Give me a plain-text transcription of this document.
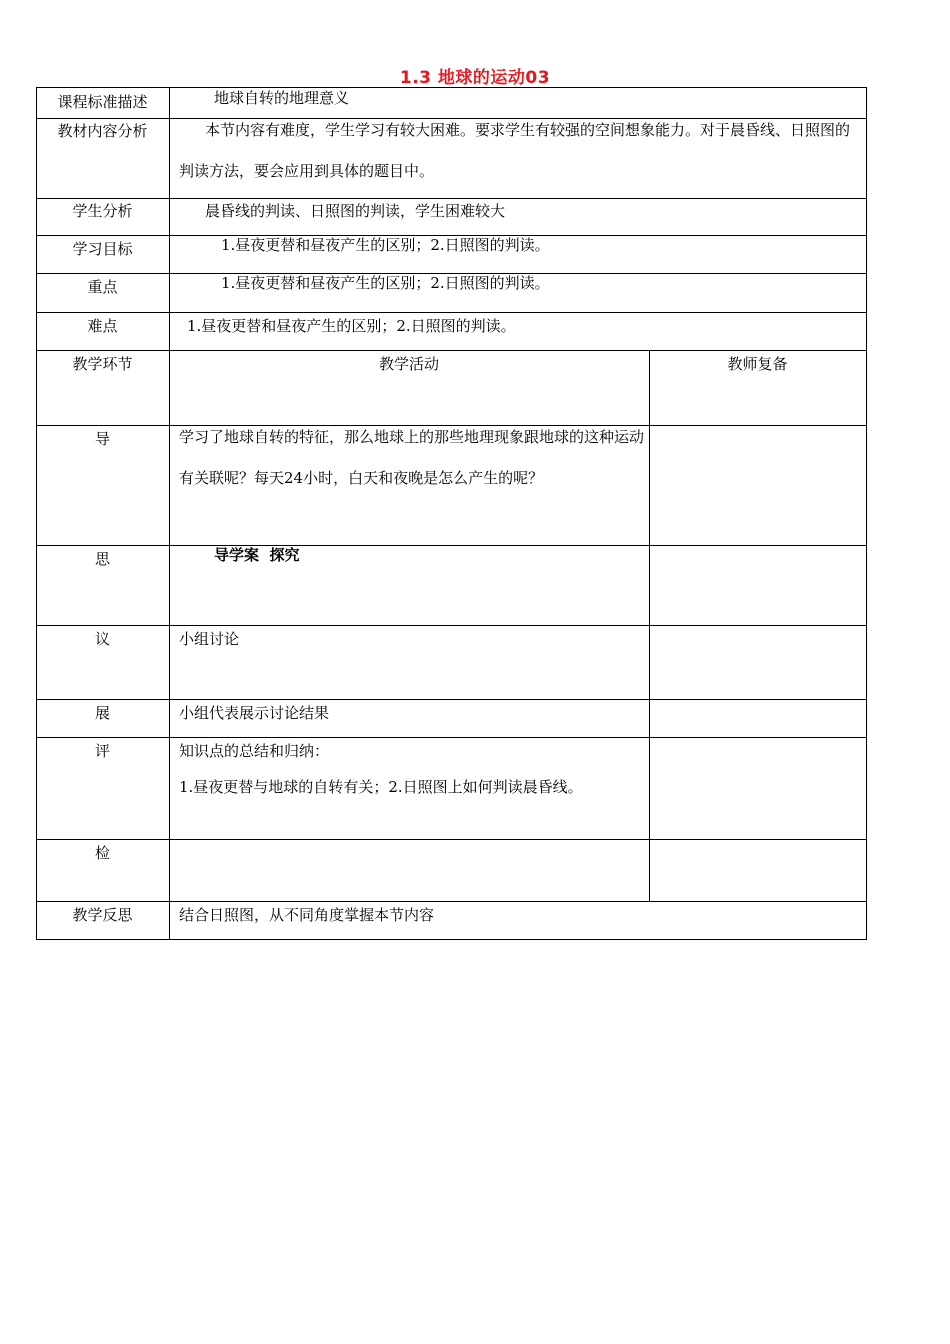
1.3 地球的运动03
课程标准描述	地球自转的地理意义
教材内容分析	本节内容有难度，学生学习有较大困难。要求学生有较强的空间想象能力。对于晨昏线、日照图的判读方法，要会应用到具体的题目中。
学生分析	晨昏线的判读、日照图的判读，学生困难较大
学习目标	1.昼夜更替和昼夜产生的区别；2.日照图的判读。
重点	1.昼夜更替和昼夜产生的区别；2.日照图的判读。
难点	1.昼夜更替和昼夜产生的区别；2.日照图的判读。
教学环节	教学活动	教师复备
导	学习了地球自转的特征，那么地球上的那些地理现象跟地球的这种运动有关联呢？每天24小时，白天和夜晚是怎么产生的呢？
思	导学案  探究
议	小组讨论
展	小组代表展示讨论结果
评	知识点的总结和归纳：
1.昼夜更替与地球的自转有关；2.日照图上如何判读晨昏线。
检
教学反思	结合日照图，从不同角度掌握本节内容
